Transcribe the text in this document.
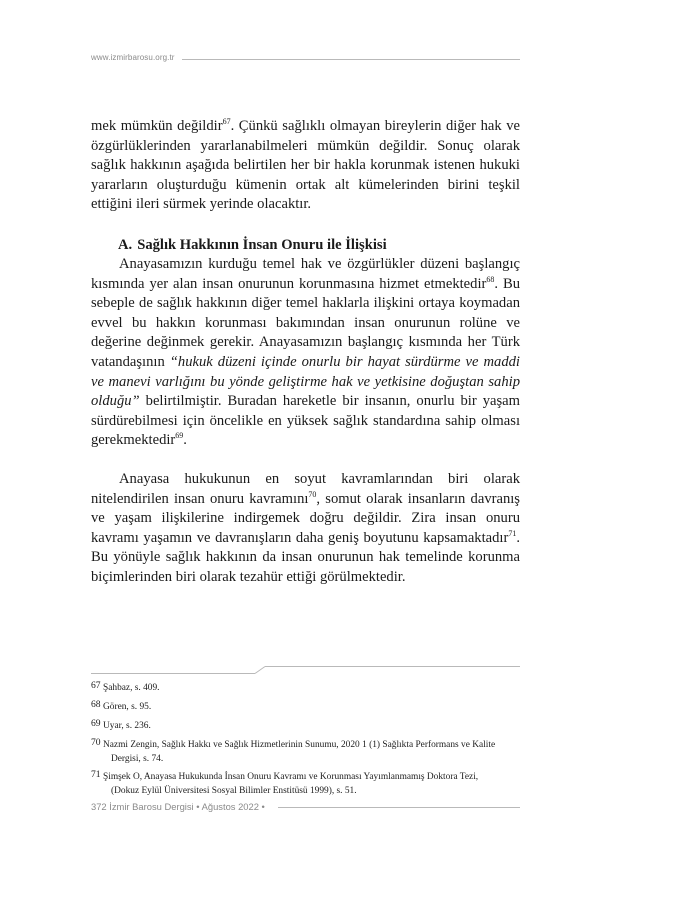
www.izmirbarosu.org.tr

mek mümkün değildir$^{67}$. Çünkü sağlıklı olmayan bireylerin diğer hak ve özgürlüklerinden yararlanabilmeleri mümkün değildir. Sonuç olarak sağlık hakkının aşağıda belirtilen her bir hakla korunmak istenen hukuki yararların oluşturduğu kümenin ortak alt kümelerinden birini teşkil ettiğini ileri sürmek yerinde olacaktır.

Anayasamızın kurduğu temel hak ve özgürlükler düzeni başlangıç kısmında yer alan insan onurunun korunmasına hizmet etmektedir$^{68}$. Bu sebeple de sağlık hakkının diğer temel haklarla ilişkini ortaya koymadan evvel bu hakkın korunması bakımından insan onurunun rolüne ve değerine değinmek gerekir. Anayasamızın başlangıç kısmında her Türk vatandaşının “hukuk düzeni içinde onurlu bir hayat sürdürme ve maddi ve manevi varlığını bu yönde geliştirme hak ve yetkisine doğuştan sahip olduğu” belirtilmiştir. Buradan hareketle bir insanın, onurlu bir yaşam sürdürebilmesi için öncelikle en yüksek sağlık standardına sahip olması gerekmektedir$^{69}$.

Anayasa hukukunun en soyut kavramlarından biri olarak nitelendirilen insan onuru kavramını$^{70}$, somut olarak insanların davranış ve yaşam ilişkilerine indirgemek doğru değildir. Zira insan onuru kavramı yaşamın ve davranışların daha geniş boyutunu kapsamaktadır$^{71}$. Bu yönüyle sağlık hakkının da insan onurunun hak temelinde korunma biçimlerinden biri olarak tezahür ettiği görülmektedir.

A. Sağlık Hakkının İnsan Onuru ile İlişkisi
67 Şahbaz, s. 409.
68 Gören, s. 95.
69 Uyar, s. 236.
70 Nazmi Zengin, Sağlık Hakkı ve Sağlık Hizmetlerinin Sunumu, 2020 1 (1) Sağlıkta Performans ve Kalite
Dergisi, s. 74.
71 Şimşek O, Anayasa Hukukunda İnsan Onuru Kavramı ve Korunması Yayımlanmamış Doktora Tezi,
(Dokuz Eylül Üniversitesi Sosyal Bilimler Enstitüsü 1999), s. 51.
372 İzmir Barosu Dergisi • Ağustos 2022 •
